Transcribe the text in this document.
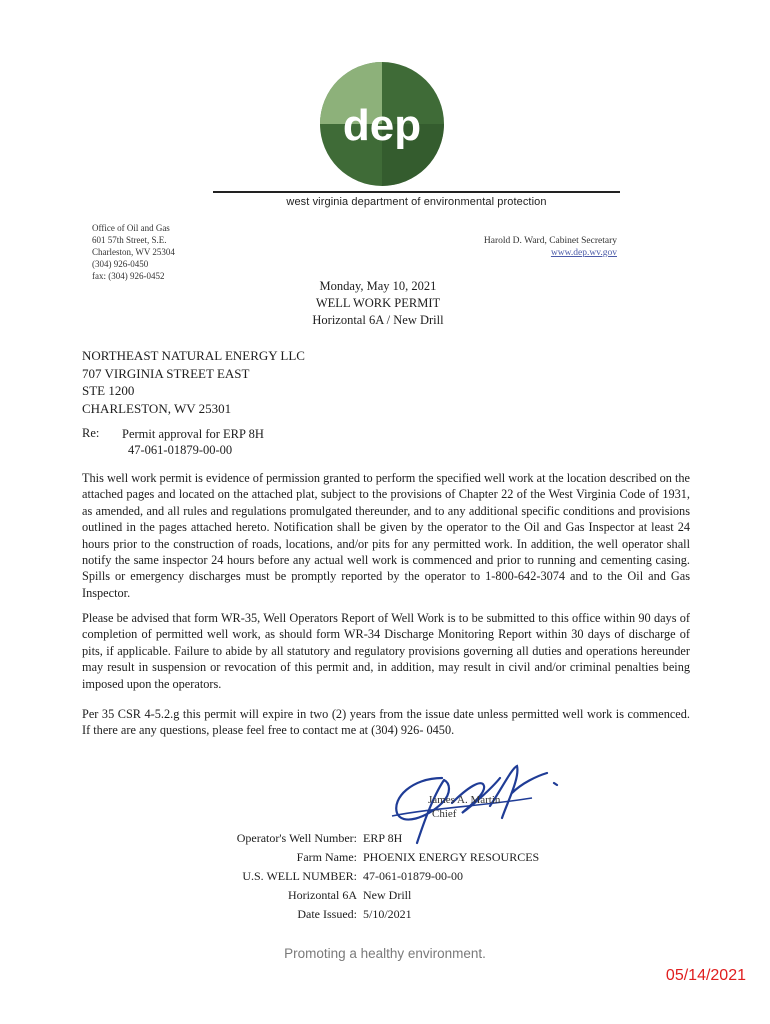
dep
west virginia department of environmental protection
Office of Oil and Gas
601 57th Street, S.E.
Charleston, WV 25304
(304) 926-0450
fax: (304) 926-0452
Harold D. Ward, Cabinet Secretary
www.dep.wv.gov
Monday, May 10, 2021
WELL WORK PERMIT
Horizontal 6A / New Drill
NORTHEAST NATURAL ENERGY LLC
707 VIRGINIA STREET EAST
STE 1200
CHARLESTON, WV 25301
Re: Permit approval for ERP 8H
47-061-01879-00-00
This well work permit is evidence of permission granted to perform the specified well work at the location described on the attached pages and located on the attached plat, subject to the provisions of Chapter 22 of the West Virginia Code of 1931, as amended, and all rules and regulations promulgated thereunder, and to any additional specific conditions and provisions outlined in the pages attached hereto. Notification shall be given by the operator to the Oil and Gas Inspector at least 24 hours prior to the construction of roads, locations, and/or pits for any permitted work. In addition, the well operator shall notify the same inspector 24 hours before any actual well work is commenced and prior to running and cementing casing. Spills or emergency discharges must be promptly reported by the operator to 1-800-642-3074 and to the Oil and Gas Inspector.
Please be advised that form WR-35, Well Operators Report of Well Work is to be submitted to this office within 90 days of completion of permitted well work, as should form WR-34 Discharge Monitoring Report within 30 days of discharge of pits, if applicable. Failure to abide by all statutory and regulatory provisions governing all duties and operations hereunder may result in suspension or revocation of this permit and, in addition, may result in civil and/or criminal penalties being imposed upon the operators.
Per 35 CSR 4-5.2.g this permit will expire in two (2) years from the issue date unless permitted well work is commenced. If there are any questions, please feel free to contact me at (304) 926- 0450.
James A. Martin
Chief
Operator's Well Number: ERP 8H
Farm Name: PHOENIX ENERGY RESOURCES
U.S. WELL NUMBER: 47-061-01879-00-00
Horizontal 6A New Drill
Date Issued: 5/10/2021
Promoting a healthy environment.
05/14/2021
